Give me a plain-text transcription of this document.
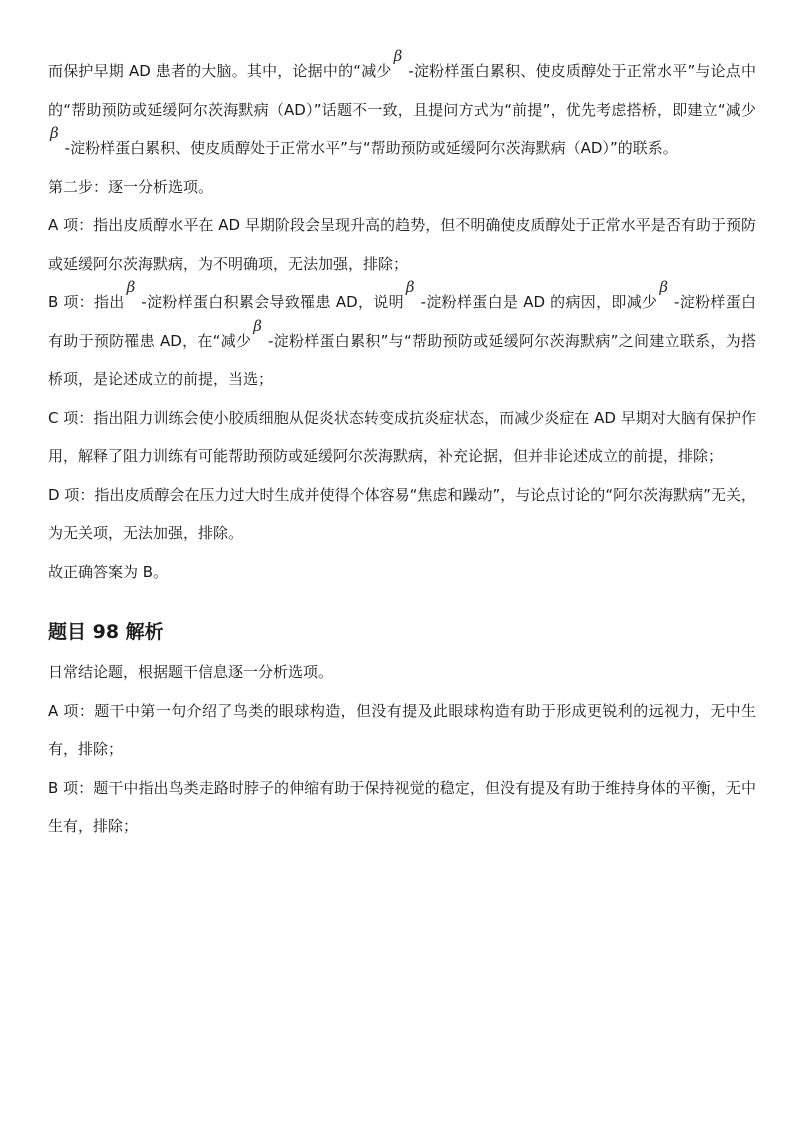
而保护早期 AD 患者的大脑。其中，论据中的“减少β-淀粉样蛋白累积、使皮质醇处于正常水平”与论点中的“帮助预防或延缓阿尔茨海默病（AD）”话题不一致，且提问方式为“前提”，优先考虑搭桥，即建立“减少β-淀粉样蛋白累积、使皮质醇处于正常水平”与“帮助预防或延缓阿尔茨海默病（AD）”的联系。

第二步：逐一分析选项。

A 项：指出皮质醇水平在 AD 早期阶段会呈现升高的趋势，但不明确使皮质醇处于正常水平是否有助于预防或延缓阿尔茨海默病，为不明确项，无法加强，排除；

B 项：指出β-淀粉样蛋白积累会导致罹患 AD，说明β-淀粉样蛋白是 AD 的病因，即减少β-淀粉样蛋白有助于预防罹患 AD，在“减少β-淀粉样蛋白累积”与“帮助预防或延缓阿尔茨海默病”之间建立联系，为搭桥项，是论述成立的前提，当选；

C 项：指出阻力训练会使小胶质细胞从促炎状态转变成抗炎症状态，而减少炎症在 AD 早期对大脑有保护作用，解释了阻力训练有可能帮助预防或延缓阿尔茨海默病，补充论据，但并非论述成立的前提，排除；

D 项：指出皮质醇会在压力过大时生成并使得个体容易“焦虑和躁动”，与论点讨论的“阿尔茨海默病”无关，为无关项，无法加强，排除。

故正确答案为 B。

题目 98 解析

日常结论题，根据题干信息逐一分析选项。

A 项：题干中第一句介绍了鸟类的眼球构造，但没有提及此眼球构造有助于形成更锐利的远视力，无中生有，排除；

B 项：题干中指出鸟类走路时脖子的伸缩有助于保持视觉的稳定，但没有提及有助于维持身体的平衡，无中生有，排除；
